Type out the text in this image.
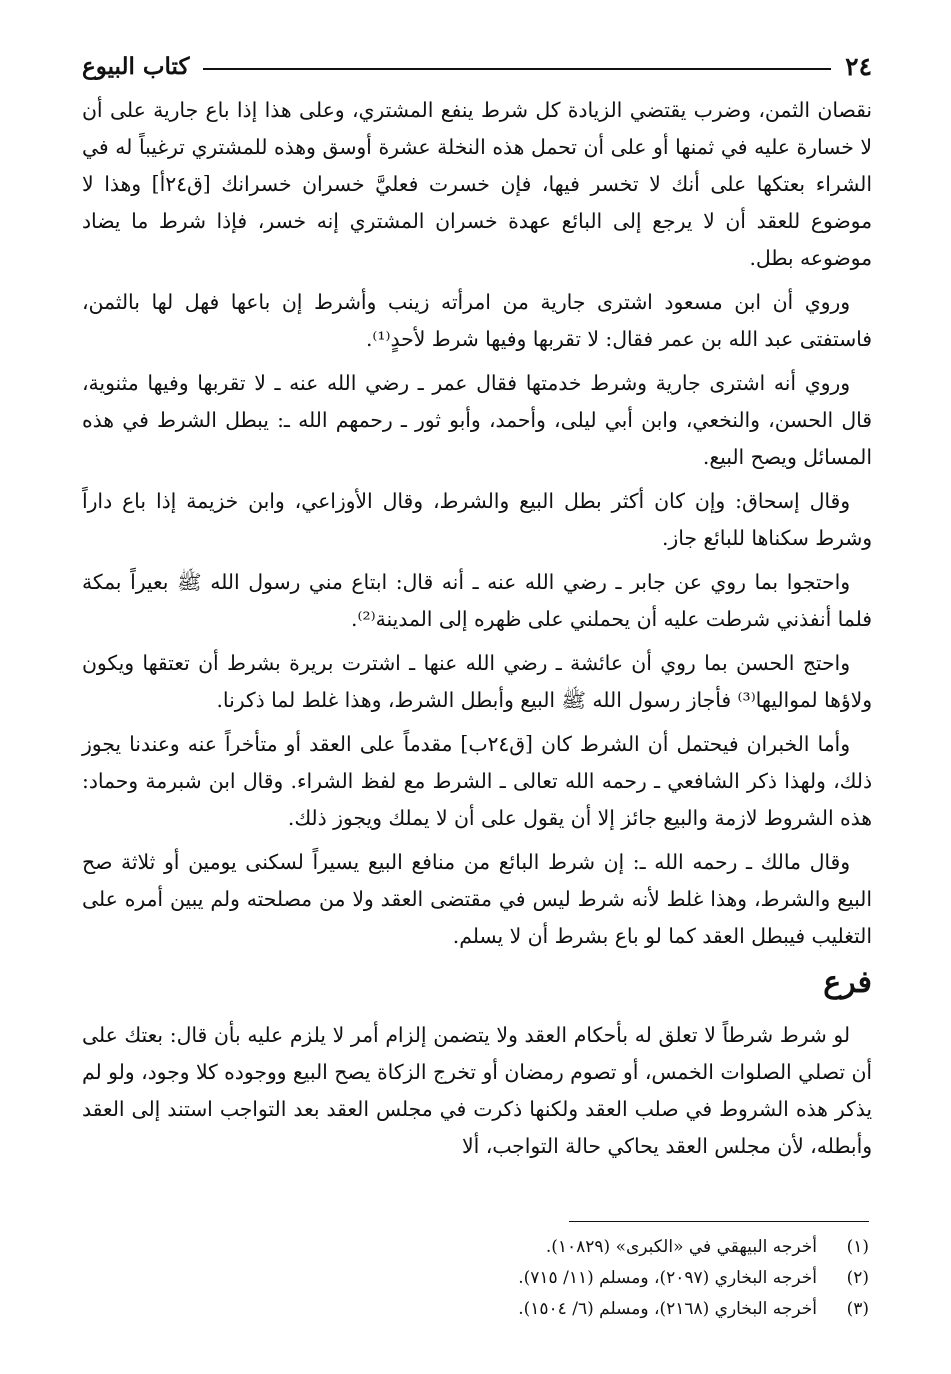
٢٤
كتاب البيوع

نقصان الثمن، وضرب يقتضي الزيادة كل شرط ينفع المشتري، وعلى هذا إذا باع جارية على أن لا خسارة عليه في ثمنها أو على أن تحمل هذه النخلة عشرة أوسق وهذه للمشتري ترغيباً له في الشراء بعتكها على أنك لا تخسر فيها، فإن خسرت فعليَّ خسران خسرانك [ق٢٤أ] وهذا لا موضوع للعقد أن لا يرجع إلى البائع عهدة خسران المشتري إنه خسر، فإذا شرط ما يضاد موضوعه بطل.

وروي أن ابن مسعود اشترى جارية من امرأته زينب وأشرط إن باعها فهل لها بالثمن، فاستفتى عبد الله بن عمر فقال: لا تقربها وفيها شرط لأحدٍ⁽¹⁾.

وروي أنه اشترى جارية وشرط خدمتها فقال عمر ـ رضي الله عنه ـ لا تقربها وفيها مثنوية، قال الحسن، والنخعي، وابن أبي ليلى، وأحمد، وأبو ثور ـ رحمهم الله ـ: يبطل الشرط في هذه المسائل ويصح البيع.

وقال إسحاق: وإن كان أكثر بطل البيع والشرط، وقال الأوزاعي، وابن خزيمة إذا باع داراً وشرط سكناها للبائع جاز.

واحتجوا بما روي عن جابر ـ رضي الله عنه ـ أنه قال: ابتاع مني رسول الله ﷺ بعيراً بمكة فلما أنفذني شرطت عليه أن يحملني على ظهره إلى المدينة⁽²⁾.

واحتج الحسن بما روي أن عائشة ـ رضي الله عنها ـ اشترت بريرة بشرط أن تعتقها ويكون ولاؤها لمواليها⁽³⁾ فأجاز رسول الله ﷺ البيع وأبطل الشرط، وهذا غلط لما ذكرنا.

وأما الخبران فيحتمل أن الشرط كان [ق٢٤ب] مقدماً على العقد أو متأخراً عنه وعندنا يجوز ذلك، ولهذا ذكر الشافعي ـ رحمه الله تعالى ـ الشرط مع لفظ الشراء. وقال ابن شبرمة وحماد: هذه الشروط لازمة والبيع جائز إلا أن يقول على أن لا يملك ويجوز ذلك.

وقال مالك ـ رحمه الله ـ: إن شرط البائع من منافع البيع يسيراً لسكنى يومين أو ثلاثة صح البيع والشرط، وهذا غلط لأنه شرط ليس في مقتضى العقد ولا من مصلحته ولم يبين أمره على التغليب فيبطل العقد كما لو باع بشرط أن لا يسلم.

فرع

لو شرط شرطاً لا تعلق له بأحكام العقد ولا يتضمن إلزام أمر لا يلزم عليه بأن قال: بعتك على أن تصلي الصلوات الخمس، أو تصوم رمضان أو تخرج الزكاة يصح البيع ووجوده كلا وجود، ولو لم يذكر هذه الشروط في صلب العقد ولكنها ذكرت في مجلس العقد بعد التواجب استند إلى العقد وأبطله، لأن مجلس العقد يحاكي حالة التواجب، ألا

(١)
أخرجه البيهقي في «الكبرى» (١٠٨٢٩).
(٢)
أخرجه البخاري (٢٠٩٧)، ومسلم (١١/ ٧١٥).
(٣)
أخرجه البخاري (٢١٦٨)، ومسلم (٦/ ١٥٠٤).
